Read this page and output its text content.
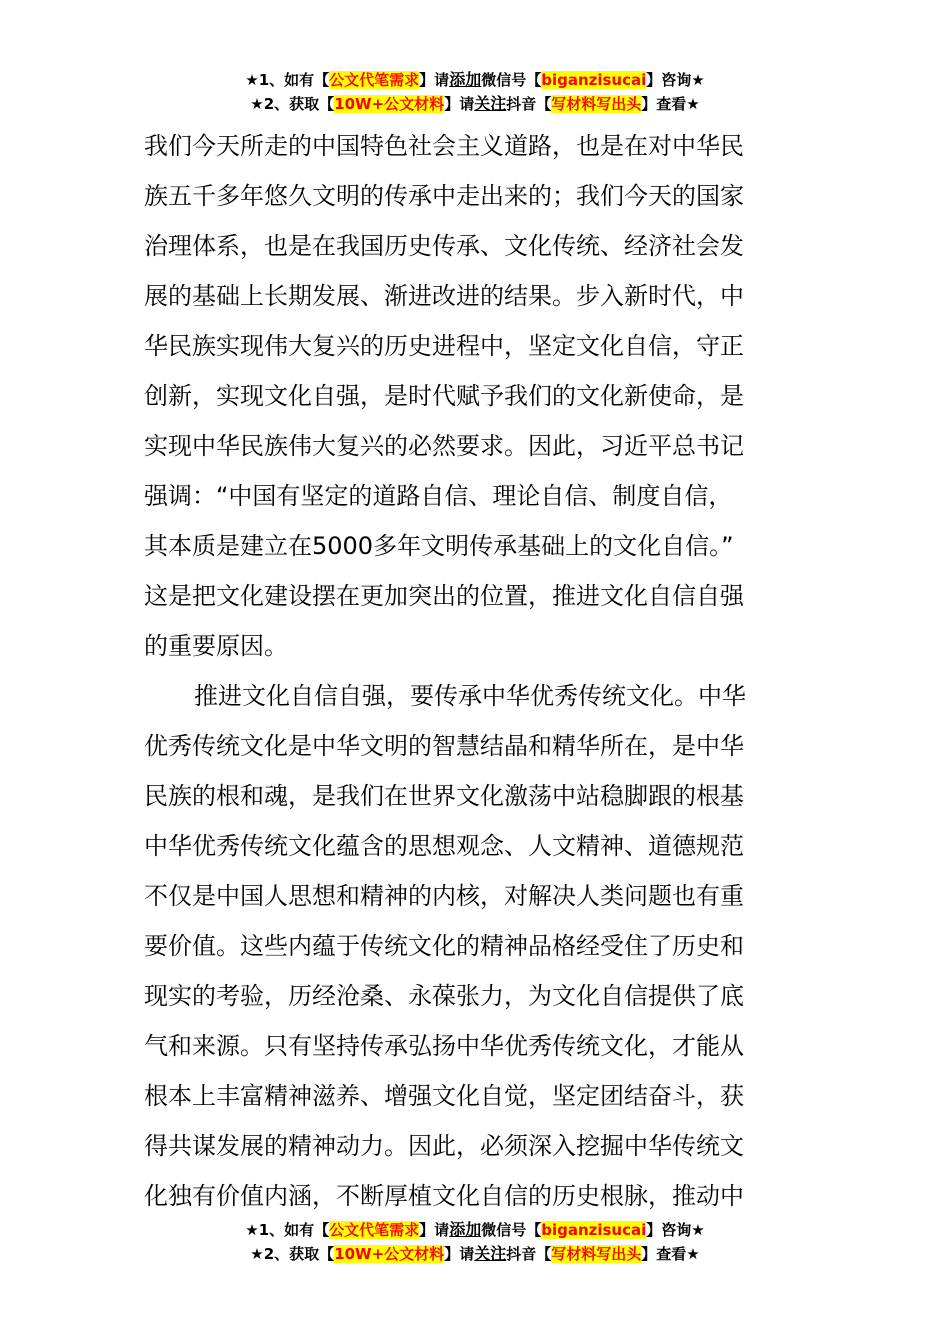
★1、如有【公文代笔需求】请添加微信号【biganzisucai】咨询★
★2、获取【10W+公文材料】请关注抖音【写材料写出头】查看★
我们今天所走的中国特色社会主义道路，也是在对中华民
族五千多年悠久文明的传承中走出来的；我们今天的国家
治理体系，也是在我国历史传承、文化传统、经济社会发
展的基础上长期发展、渐进改进的结果。步入新时代，中
华民族实现伟大复兴的历史进程中，坚定文化自信，守正
创新，实现文化自强，是时代赋予我们的文化新使命，是
实现中华民族伟大复兴的必然要求。因此，习近平总书记
强调：“中国有坚定的道路自信、理论自信、制度自信，
其本质是建立在5000多年文明传承基础上的文化自信。”
这是把文化建设摆在更加突出的位置，推进文化自信自强
的重要原因。
推进文化自信自强，要传承中华优秀传统文化。中华
优秀传统文化是中华文明的智慧结晶和精华所在，是中华
民族的根和魂，是我们在世界文化激荡中站稳脚跟的根基
中华优秀传统文化蕴含的思想观念、人文精神、道德规范
不仅是中国人思想和精神的内核，对解决人类问题也有重
要价值。这些内蕴于传统文化的精神品格经受住了历史和
现实的考验，历经沧桑、永葆张力，为文化自信提供了底
气和来源。只有坚持传承弘扬中华优秀传统文化，才能从
根本上丰富精神滋养、增强文化自觉，坚定团结奋斗，获
得共谋发展的精神动力。因此，必须深入挖掘中华传统文
化独有价值内涵，不断厚植文化自信的历史根脉，推动中
★1、如有【公文代笔需求】请添加微信号【biganzisucai】咨询★
★2、获取【10W+公文材料】请关注抖音【写材料写出头】查看★
